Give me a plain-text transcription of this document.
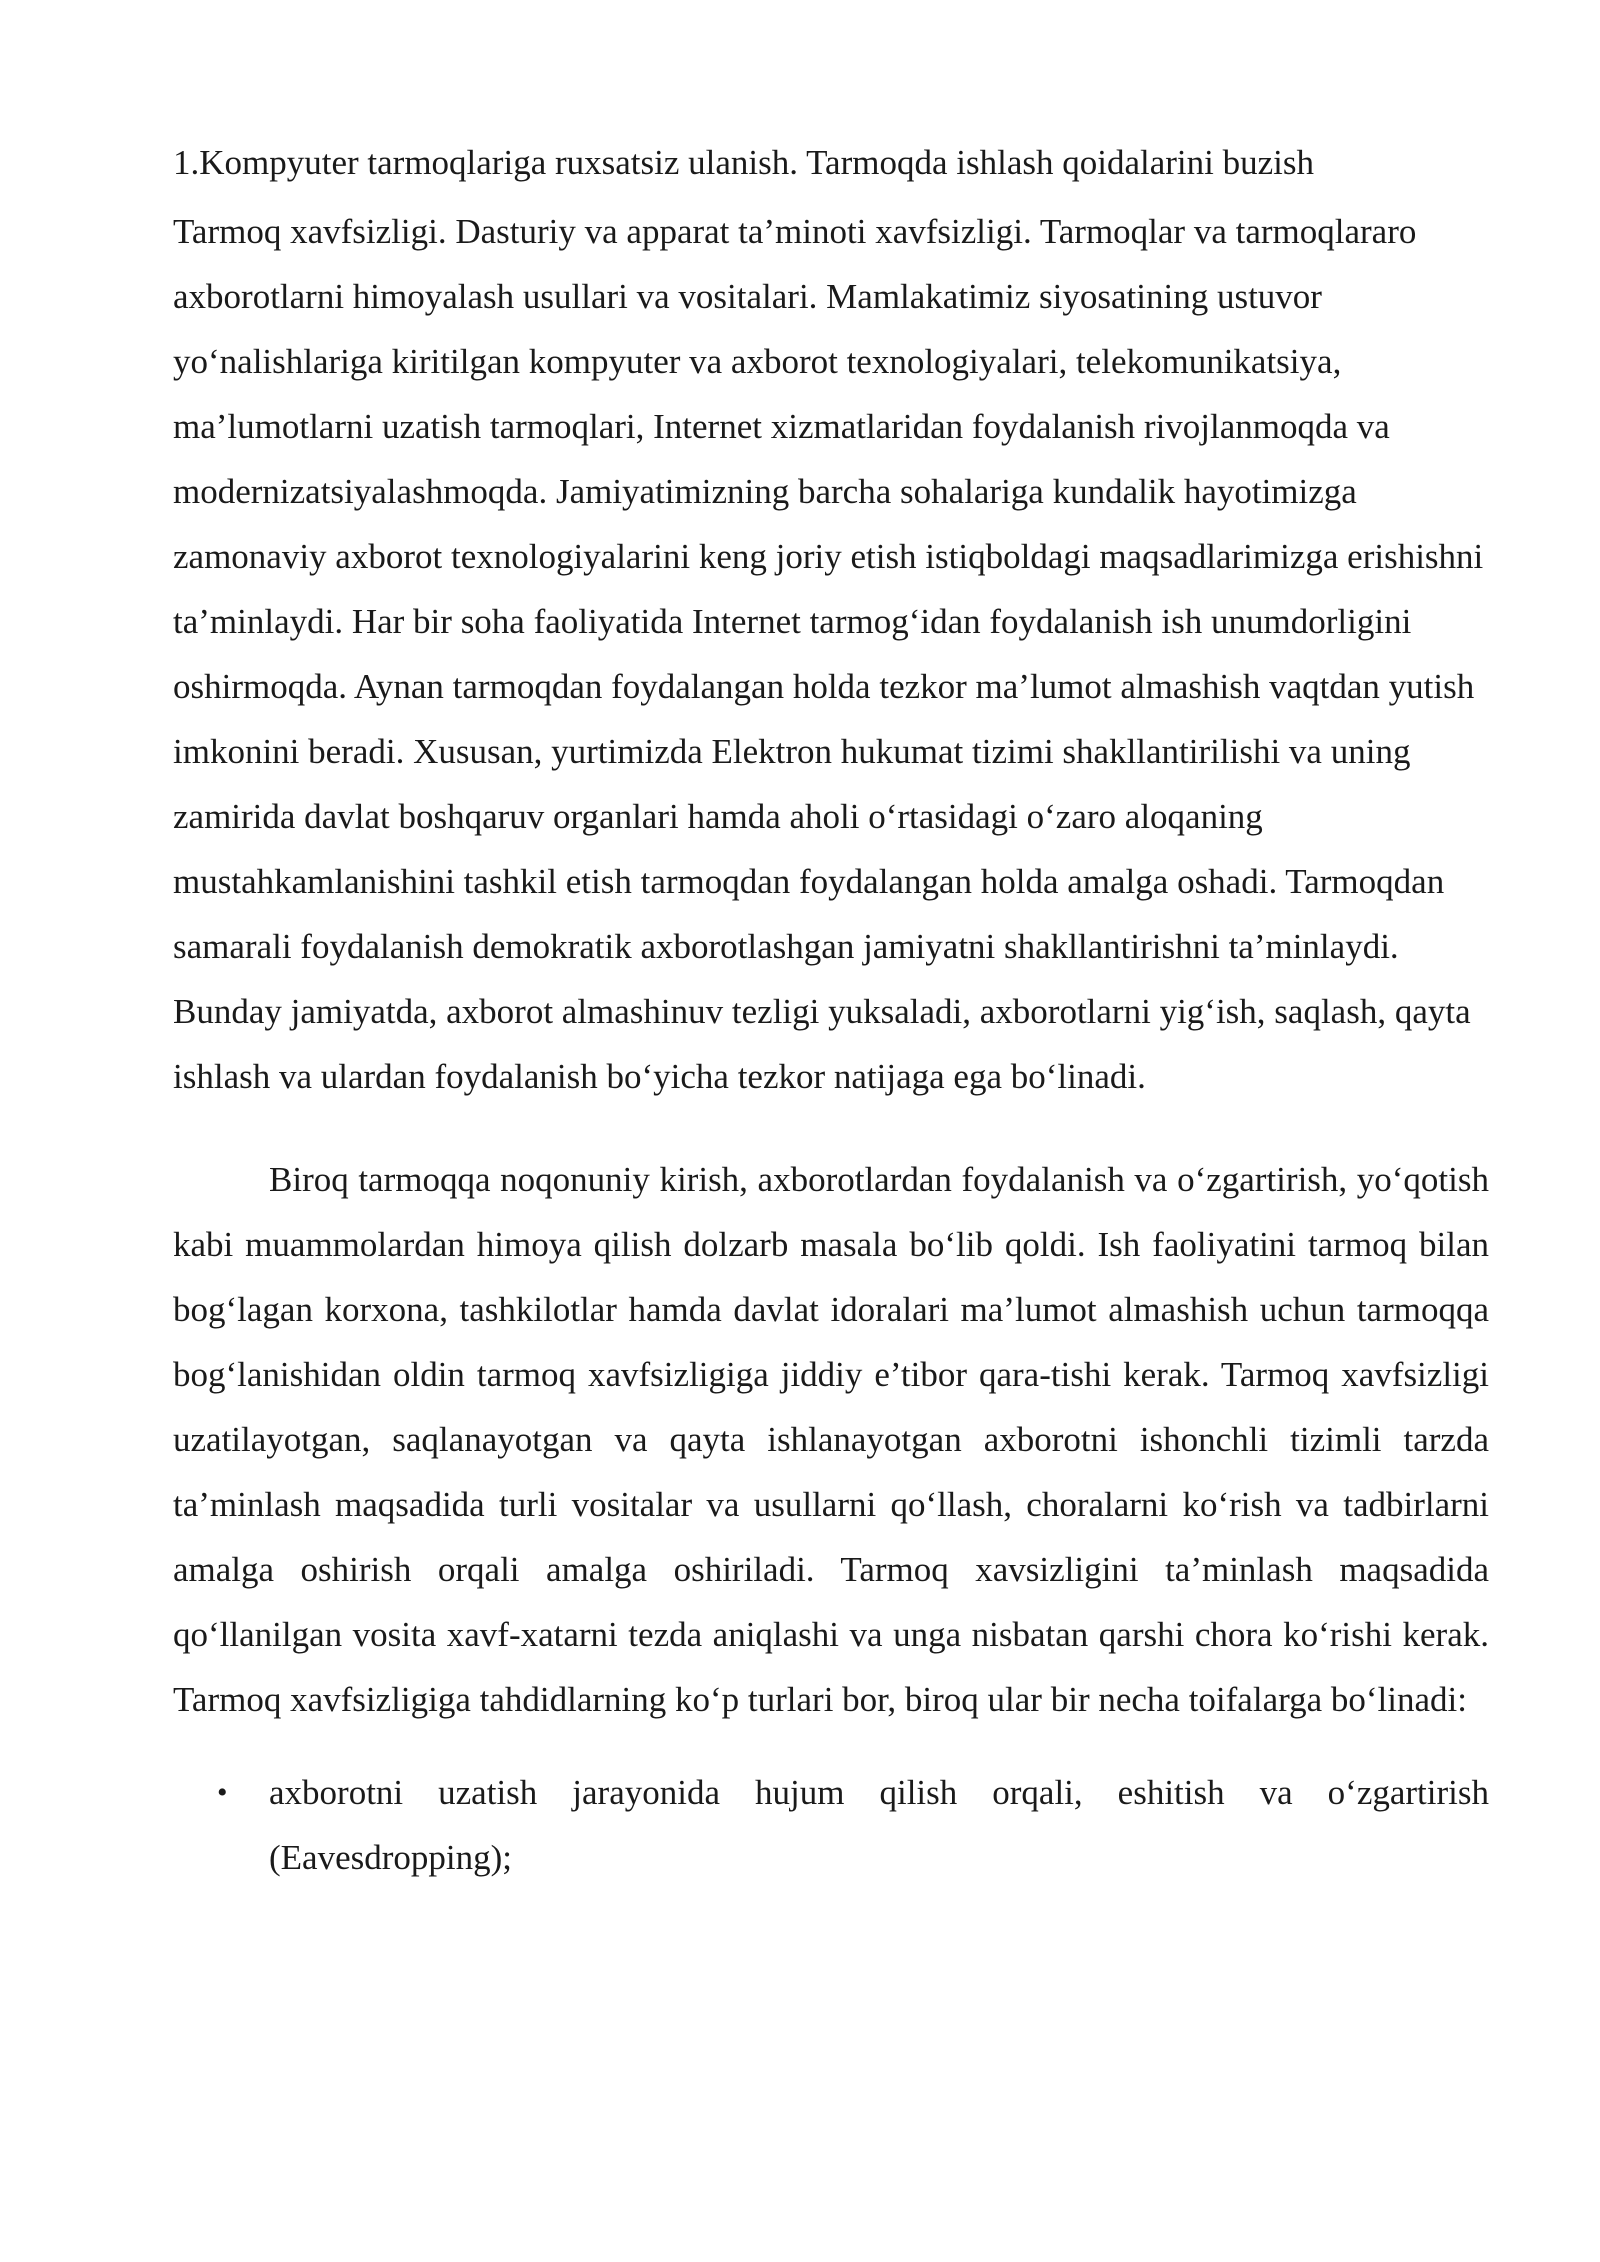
1.Kompyuter tarmoqlariga ruxsatsiz ulanish. Tarmoqda ishlash qoidalarini buzish

Tarmoq xavfsizligi. Dasturiy va apparat ta’minoti xavfsizligi. Tarmoqlar va tarmoqlararo axborotlarni himoyalash usullari va vositalari. Mamlakatimiz siyosatining ustuvor yo‘nalishlariga kiritilgan kompyuter va axborot texnologiyalari, telekomunikatsiya, ma’lumotlarni uzatish tarmoqlari, Internet xizmatlaridan foydalanish rivojlanmoqda va modernizatsiyalashmoqda. Jamiyatimizning barcha sohalariga kundalik hayotimizga zamonaviy axborot texnologiyalarini keng joriy etish istiqboldagi maqsadlarimizga erishishni ta’minlaydi. Har bir soha faoliyatida Internet tarmog‘idan foydalanish ish unumdorligini oshirmoqda. Aynan tarmoqdan foydalangan holda tezkor ma’lumot almashish vaqtdan yutish imkonini beradi. Xususan, yurtimizda Elektron hukumat tizimi shakllantirilishi va uning zamirida davlat boshqaruv organlari hamda aholi o‘rtasidagi o‘zaro aloqaning mustahkamlanishini tashkil etish tarmoqdan foydalangan holda amalga oshadi. Tarmoqdan samarali foydalanish demokratik axborotlashgan jamiyatni shakllantirishni ta’minlaydi. Bunday jamiyatda, axborot almashinuv tezligi yuksaladi, axborotlarni yig‘ish, saqlash, qayta ishlash va ulardan foydalanish bo‘yicha tezkor natijaga ega bo‘linadi.

Biroq tarmoqqa noqonuniy kirish, axborotlardan foydalanish va o‘zgartirish, yo‘qotish kabi muammolardan himoya qilish dolzarb masala bo‘lib qoldi. Ish faoliyatini tarmoq bilan bog‘lagan korxona, tashkilotlar hamda davlat idoralari ma’lumot almashish uchun tarmoqqa bog‘lanishidan oldin tarmoq xavfsizligiga jiddiy e’tibor qara-tishi kerak. Tarmoq xavfsizligi uzatilayotgan, saqlanayotgan va qayta ishlanayotgan axborotni ishonchli tizimli tarzda ta’minlash maqsadida turli vositalar va usullarni qo‘llash, choralarni ko‘rish va tadbirlarni amalga oshirish orqali amalga oshiriladi. Tarmoq xavsizligini ta’minlash maqsadida qo‘llanilgan vosita xavf-xatarni tezda aniqlashi va unga nisbatan qarshi chora ko‘rishi kerak. Tarmoq xavfsizligiga tahdidlarning ko‘p turlari bor, biroq ular bir necha toifalarga bo‘linadi:

• axborotni uzatish jarayonida hujum qilish orqali, eshitish va o‘zgartirish (Eavesdropping);
